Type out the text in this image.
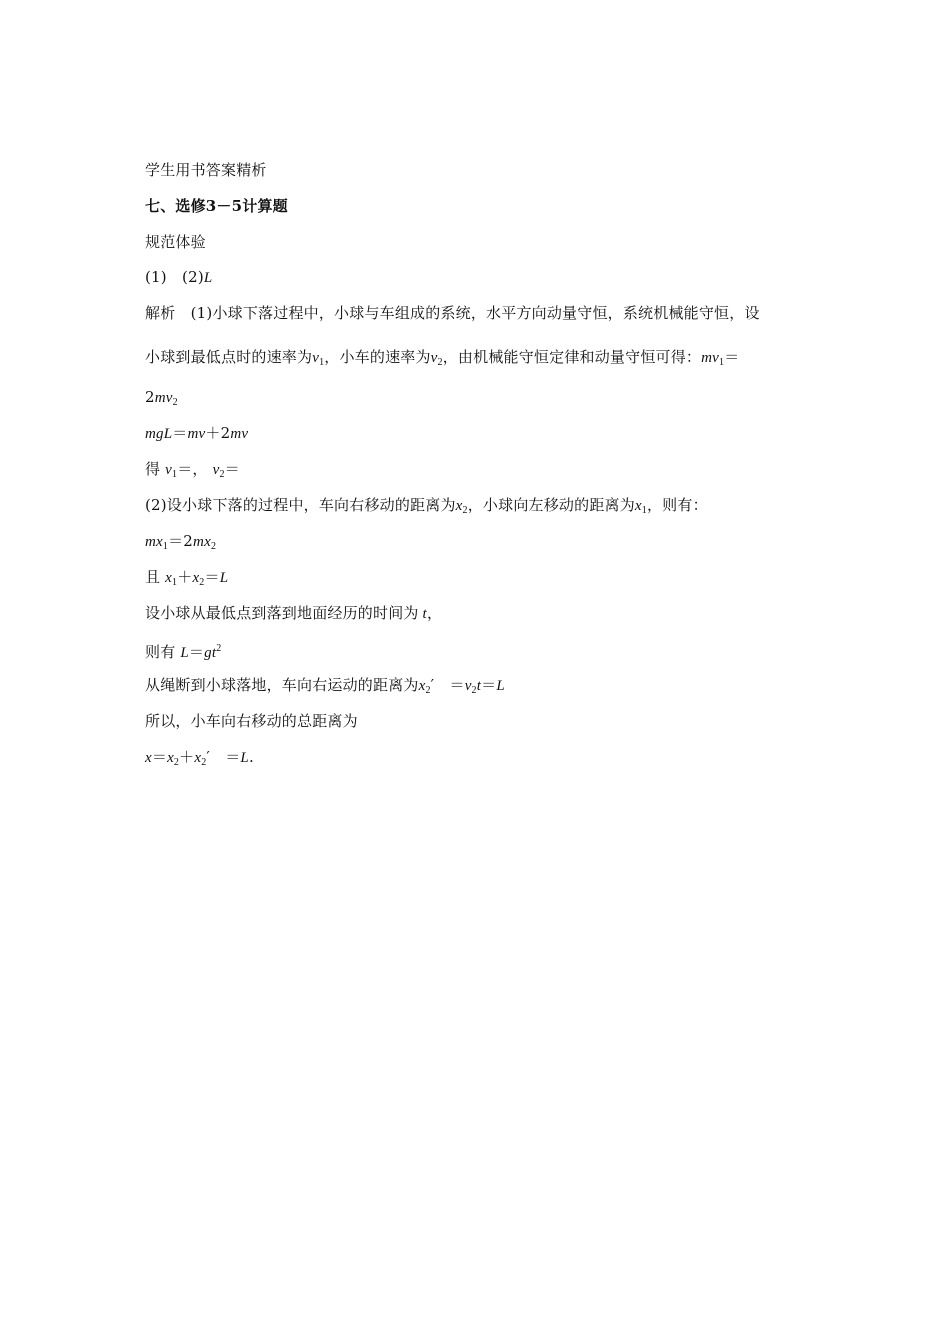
学生用书答案精析
七、选修3－5计算题
规范体验
(1)　(2)L
解析　 (1)小球下落过程中，小球与车组成的系统，水平方向动量守恒，系统机械能守恒，设
小球到最低点时的速率为$v_1$，小车的速率为$v_2$，由机械能守恒定律和动量守恒可得：$mv_1=$
$2mv_2$
mgL＝mv＋2mv
得 $v_1=$， $v_2=$
(2)设小球下落的过程中，车向右移动的距离为$x_2$，小球向左移动的距离为$x_1$，则有：
$mx_1=2mx_2$
且 $x_1+x_2=L$
设小球从最低点到落到地面经历的时间为 t，
则有 $L=gt^2$
从绳断到小球落地，车向右运动的距离为$x_2'$　$=v_2t=L$
所以，小车向右移动的总距离为
$x=x_2+x_2'$　＝L.
